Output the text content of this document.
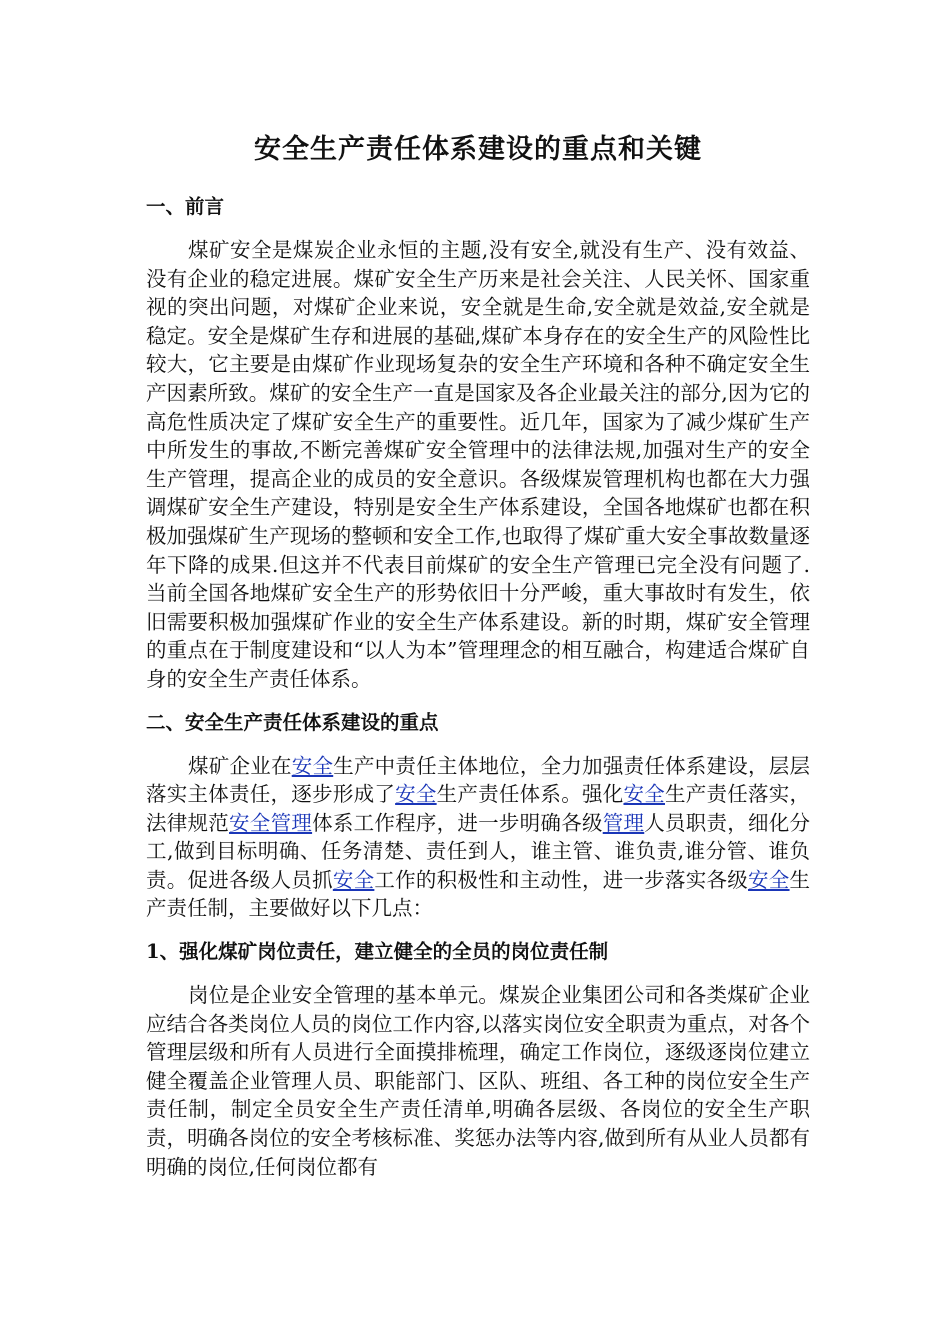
安全生产责任体系建设的重点和关键
一、前言

煤矿安全是煤炭企业永恒的主题,没有安全,就没有生产、没有效益、没有企业的稳定进展。煤矿安全生产历来是社会关注、人民关怀、国家重视的突出问题，对煤矿企业来说，安全就是生命,安全就是效益,安全就是稳定。安全是煤矿生存和进展的基础,煤矿本身存在的安全生产的风险性比较大，它主要是由煤矿作业现场复杂的安全生产环境和各种不确定安全生产因素所致。煤矿的安全生产一直是国家及各企业最关注的部分,因为它的高危性质决定了煤矿安全生产的重要性。近几年，国家为了减少煤矿生产中所发生的事故,不断完善煤矿安全管理中的法律法规,加强对生产的安全生产管理，提高企业的成员的安全意识。各级煤炭管理机构也都在大力强调煤矿安全生产建设，特别是安全生产体系建设，全国各地煤矿也都在积极加强煤矿生产现场的整顿和安全工作,也取得了煤矿重大安全事故数量逐年下降的成果.但这并不代表目前煤矿的安全生产管理已完全没有问题了.当前全国各地煤矿安全生产的形势依旧十分严峻，重大事故时有发生，依旧需要积极加强煤矿作业的安全生产体系建设。新的时期，煤矿安全管理的重点在于制度建设和“以人为本”管理理念的相互融合，构建适合煤矿自身的安全生产责任体系。

二、安全生产责任体系建设的重点

煤矿企业在安全生产中责任主体地位，全力加强责任体系建设，层层落实主体责任，逐步形成了安全生产责任体系。强化安全生产责任落实，法律规范安全管理体系工作程序，进一步明确各级管理人员职责，细化分工,做到目标明确、任务清楚、责任到人，谁主管、谁负责,谁分管、谁负责。促进各级人员抓安全工作的积极性和主动性，进一步落实各级安全生产责任制，主要做好以下几点：

1、强化煤矿岗位责任，建立健全的全员的岗位责任制

岗位是企业安全管理的基本单元。煤炭企业集团公司和各类煤矿企业应结合各类岗位人员的岗位工作内容,以落实岗位安全职责为重点，对各个管理层级和所有人员进行全面摸排梳理，确定工作岗位，逐级逐岗位建立健全覆盖企业管理人员、职能部门、区队、班组、各工种的岗位安全生产责任制，制定全员安全生产责任清单,明确各层级、各岗位的安全生产职责，明确各岗位的安全考核标准、奖惩办法等内容,做到所有从业人员都有明确的岗位,任何岗位都有
